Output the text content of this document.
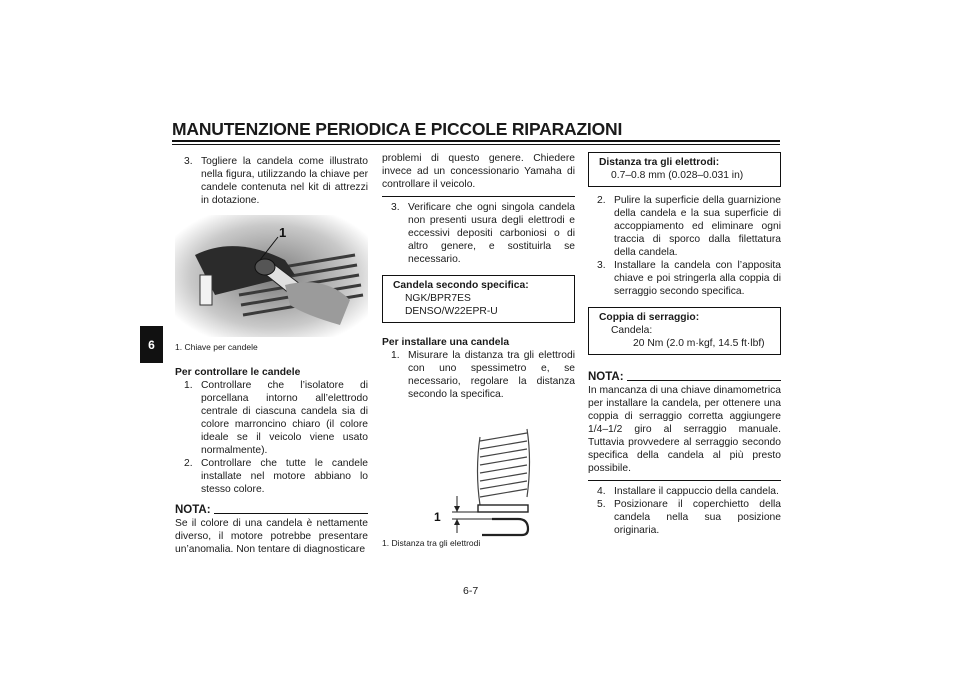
MANUTENZIONE PERIODICA E PICCOLE RIPARAZIONI
6
6-7
3. Togliere la candela come illustrato nella figura, utilizzando la chiave per candele contenuta nel kit di attrezzi in dotazione.
1
1. Chiave per candele
Per controllare le candele
1. Controllare che l’isolatore di porcellana intorno all’elettrodo centrale di ciascuna candela sia di colore marroncino chiaro (il colore ideale se il veicolo viene usato normalmente).
2. Controllare che tutte le candele installate nel motore abbiano lo stesso colore.
NOTA:
Se il colore di una candela è nettamente diverso, il motore potrebbe presentare un’anomalia. Non tentare di diagnosticare
problemi di questo genere. Chiedere invece ad un concessionario Yamaha di controllare il veicolo.
3. Verificare che ogni singola candela non presenti usura degli elettrodi e eccessivi depositi carboniosi o di altro genere, e sostituirla se necessario.
Candela secondo specifica:
NGK/BPR7ES
DENSO/W22EPR-U
Per installare una candela
1. Misurare la distanza tra gli elettrodi con uno spessimetro e, se necessario, regolare la distanza secondo la specifica.
1
1. Distanza tra gli elettrodi
Distanza tra gli elettrodi:
0.7–0.8 mm (0.028–0.031 in)
2. Pulire la superficie della guarnizione della candela e la sua superficie di accoppiamento ed eliminare ogni traccia di sporco dalla filettatura della candela.
3. Installare la candela con l’apposita chiave e poi stringerla alla coppia di serraggio secondo specifica.
Coppia di serraggio:
Candela:
20 Nm (2.0 m·kgf, 14.5 ft·lbf)
NOTA:
In mancanza di una chiave dinamometrica per installare la candela, per ottenere una coppia di serraggio corretta aggiungere 1/4–1/2 giro al serraggio manuale. Tuttavia provvedere al serraggio secondo specifica della candela al più presto possibile.
4. Installare il cappuccio della candela.
5. Posizionare il coperchietto della candela nella sua posizione originaria.
